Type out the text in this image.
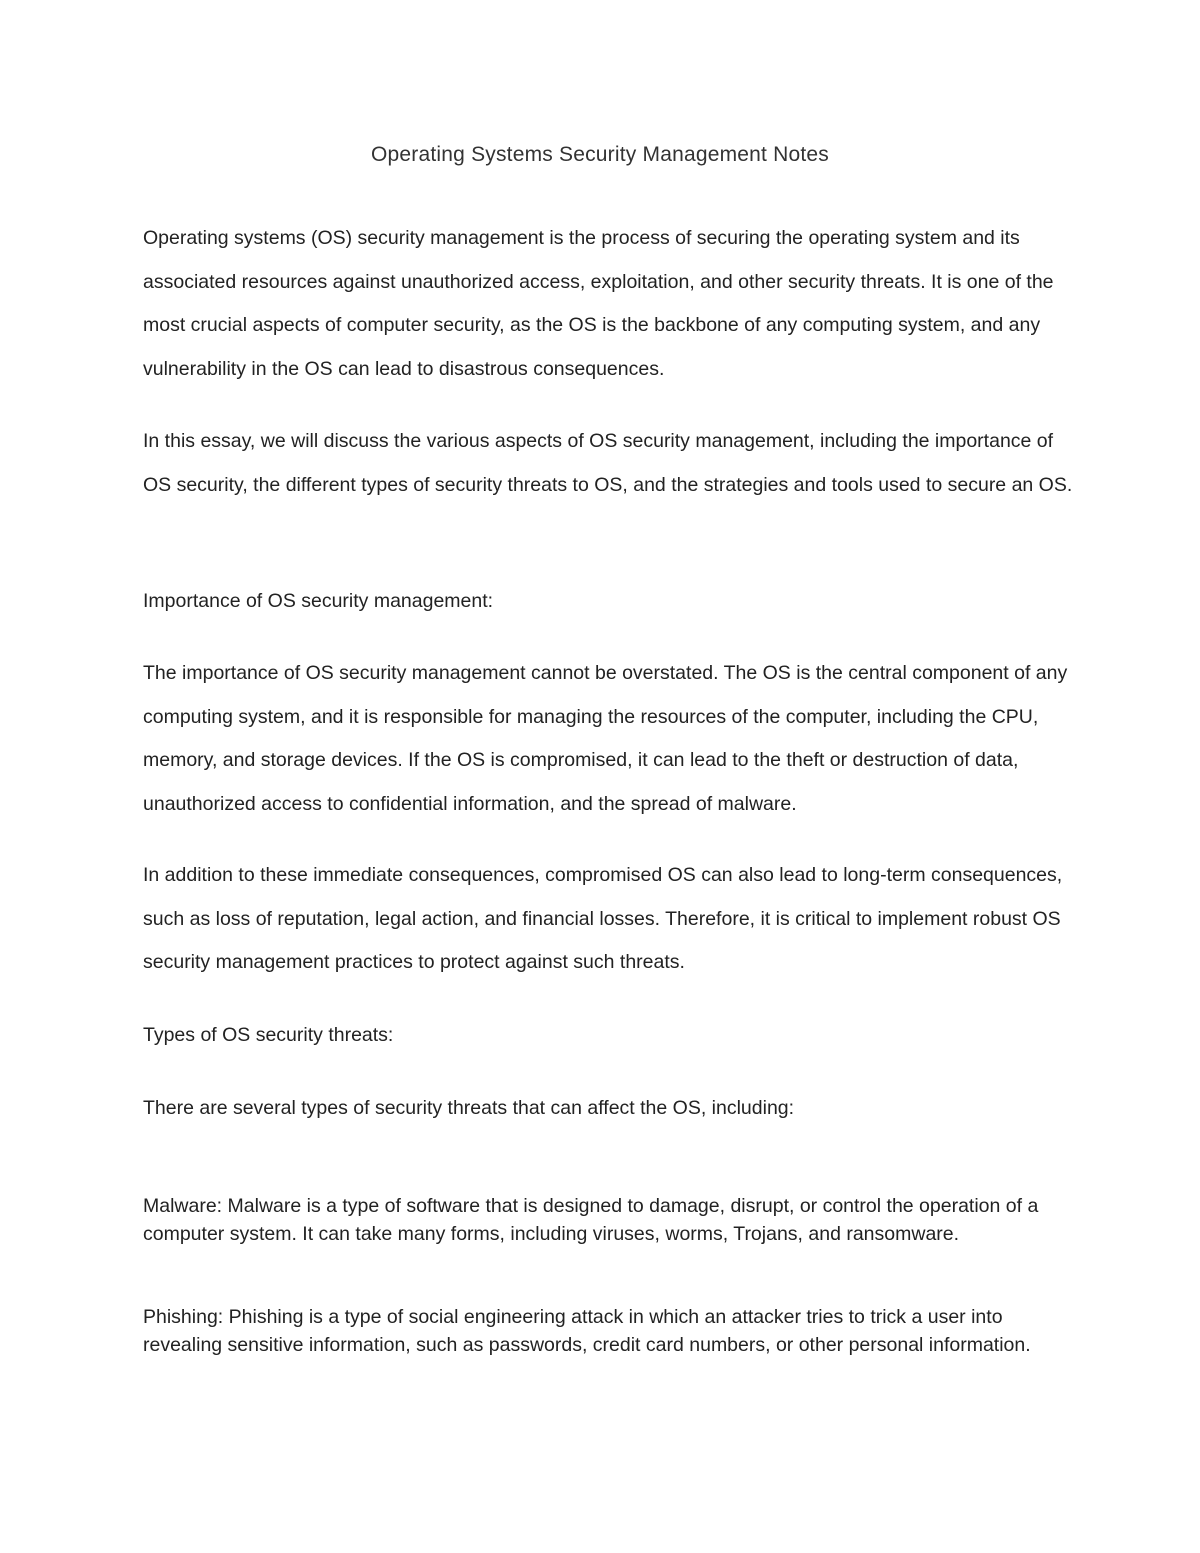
Operating Systems Security Management Notes
Operating systems (OS) security management is the process of securing the operating system and its associated resources against unauthorized access, exploitation, and other security threats. It is one of the most crucial aspects of computer security, as the OS is the backbone of any computing system, and any vulnerability in the OS can lead to disastrous consequences.
In this essay, we will discuss the various aspects of OS security management, including the importance of OS security, the different types of security threats to OS, and the strategies and tools used to secure an OS.
Importance of OS security management:
The importance of OS security management cannot be overstated. The OS is the central component of any computing system, and it is responsible for managing the resources of the computer, including the CPU, memory, and storage devices. If the OS is compromised, it can lead to the theft or destruction of data, unauthorized access to confidential information, and the spread of malware.
In addition to these immediate consequences, compromised OS can also lead to long-term consequences, such as loss of reputation, legal action, and financial losses. Therefore, it is critical to implement robust OS security management practices to protect against such threats.
Types of OS security threats:
There are several types of security threats that can affect the OS, including:
Malware: Malware is a type of software that is designed to damage, disrupt, or control the operation of a computer system. It can take many forms, including viruses, worms, Trojans, and ransomware.
Phishing: Phishing is a type of social engineering attack in which an attacker tries to trick a user into revealing sensitive information, such as passwords, credit card numbers, or other personal information.
